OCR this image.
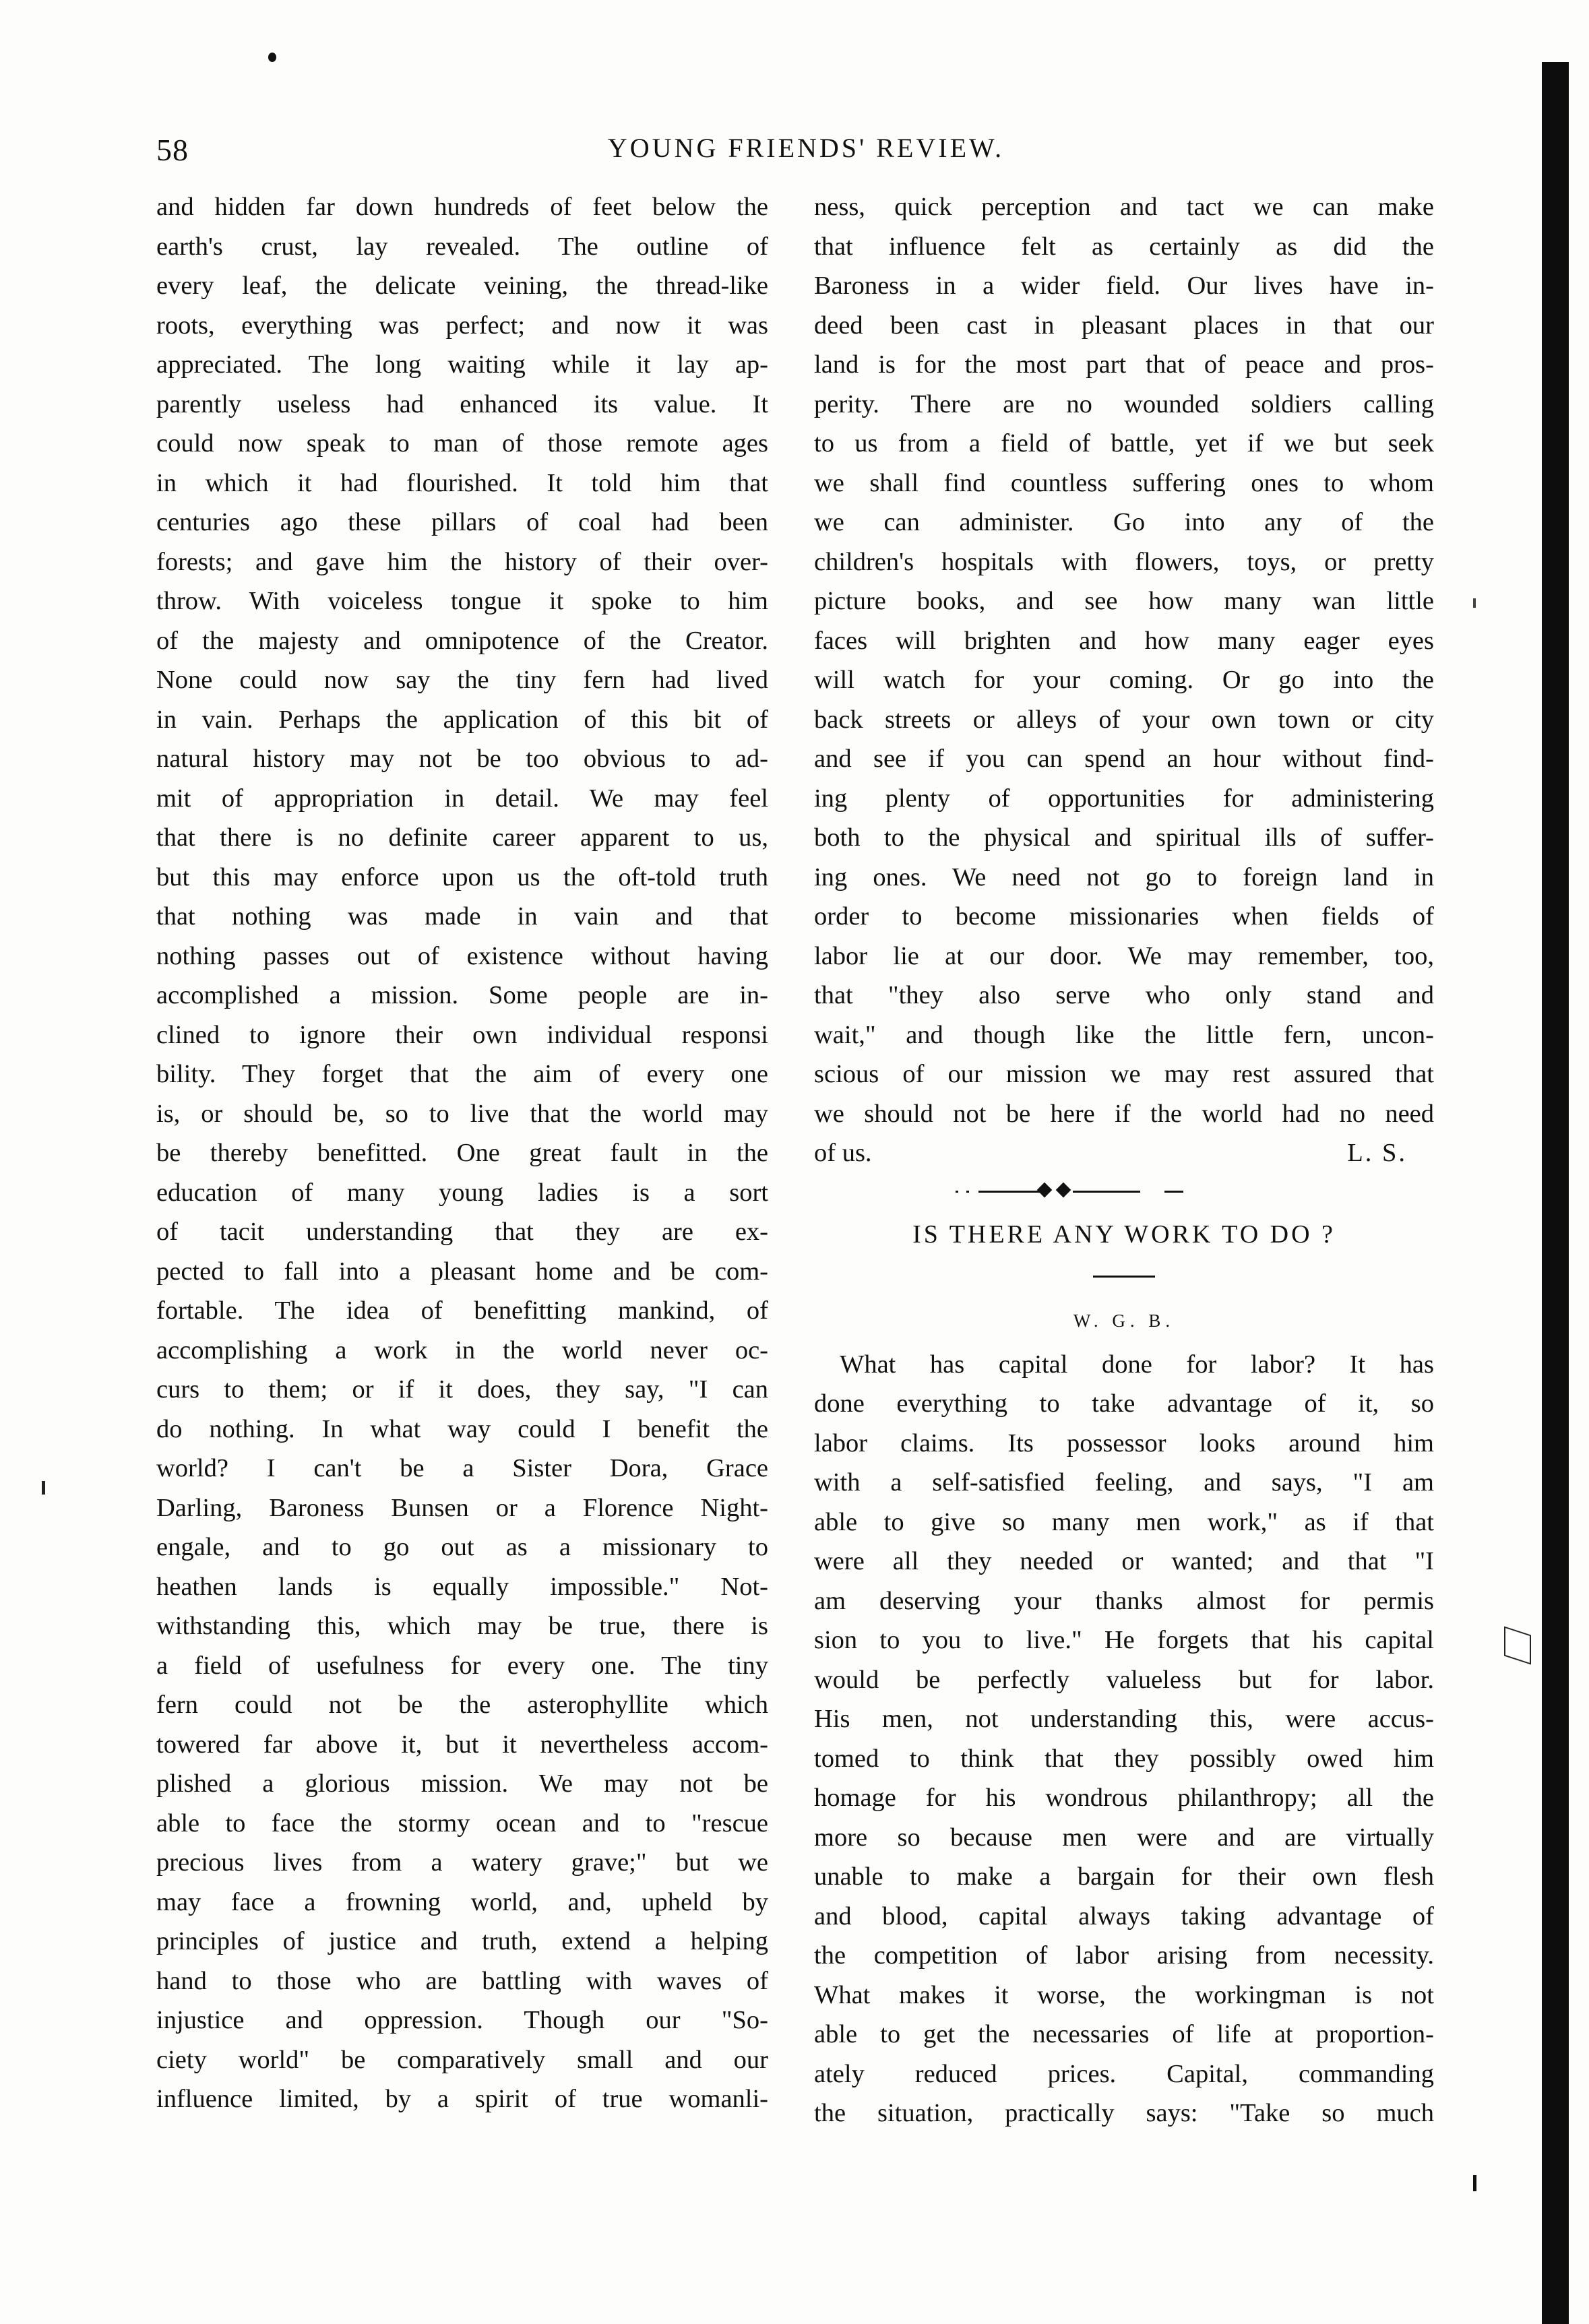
58	YOUNG FRIENDS' REVIEW.
and hidden far down hundreds of feet below the
earth's crust, lay revealed. The outline of
every leaf, the delicate veining, the thread-like
roots, everything was perfect; and now it was
appreciated. The long waiting while it lay ap-
parently useless had enhanced its value. It
could now speak to man of those remote ages
in which it had flourished. It told him that
centuries ago these pillars of coal had been
forests; and gave him the history of their over-
throw. With voiceless tongue it spoke to him
of the majesty and omnipotence of the Creator.
None could now say the tiny fern had lived
in vain. Perhaps the application of this bit of
natural history may not be too obvious to ad-
mit of appropriation in detail. We may feel
that there is no definite career apparent to us,
but this may enforce upon us the oft-told truth
that nothing was made in vain and that
nothing passes out of existence without having
accomplished a mission. Some people are in-
clined to ignore their own individual responsi
bility. They forget that the aim of every one
is, or should be, so to live that the world may
be thereby benefitted. One great fault in the
education of many young ladies is a sort
of tacit understanding that they are ex-
pected to fall into a pleasant home and be com-
fortable. The idea of benefitting mankind, of
accomplishing a work in the world never oc-
curs to them; or if it does, they say, "I can
do nothing. In what way could I benefit the
world? I can't be a Sister Dora, Grace
Darling, Baroness Bunsen or a Florence Night-
engale, and to go out as a missionary to
heathen lands is equally impossible." Not-
withstanding this, which may be true, there is
a field of usefulness for every one. The tiny
fern could not be the asterophyllite which
towered far above it, but it nevertheless accom-
plished a glorious mission. We may not be
able to face the stormy ocean and to "rescue
precious lives from a watery grave;" but we
may face a frowning world, and, upheld by
principles of justice and truth, extend a helping
hand to those who are battling with waves of
injustice and oppression. Though our "So-
ciety world" be comparatively small and our
influence limited, by a spirit of true womanli-
ness, quick perception and tact we can make
that influence felt as certainly as did the
Baroness in a wider field. Our lives have in-
deed been cast in pleasant places in that our
land is for the most part that of peace and pros-
perity. There are no wounded soldiers calling
to us from a field of battle, yet if we but seek
we shall find countless suffering ones to whom
we can administer. Go into any of the
children's hospitals with flowers, toys, or pretty
picture books, and see how many wan little
faces will brighten and how many eager eyes
will watch for your coming. Or go into the
back streets or alleys of your own town or city
and see if you can spend an hour without find-
ing plenty of opportunities for administering
both to the physical and spiritual ills of suffer-
ing ones. We need not go to foreign land in
order to become missionaries when fields of
labor lie at our door. We may remember, too,
that "they also serve who only stand and
wait," and though like the little fern, uncon-
scious of our mission we may rest assured that
we should not be here if the world had no need
of us.	L. S.
IS THERE ANY WORK TO DO ?
W. G. B.
What has capital done for labor? It has
done everything to take advantage of it, so
labor claims. Its possessor looks around him
with a self-satisfied feeling, and says, "I am
able to give so many men work," as if that
were all they needed or wanted; and that "I
am deserving your thanks almost for permis
sion to you to live." He forgets that his capital
would be perfectly valueless but for labor.
His men, not understanding this, were accus-
tomed to think that they possibly owed him
homage for his wondrous philanthropy; all the
more so because men were and are virtually
unable to make a bargain for their own flesh
and blood, capital always taking advantage of
the competition of labor arising from necessity.
What makes it worse, the workingman is not
able to get the necessaries of life at proportion-
ately reduced prices. Capital, commanding
the situation, practically says: "Take so much
